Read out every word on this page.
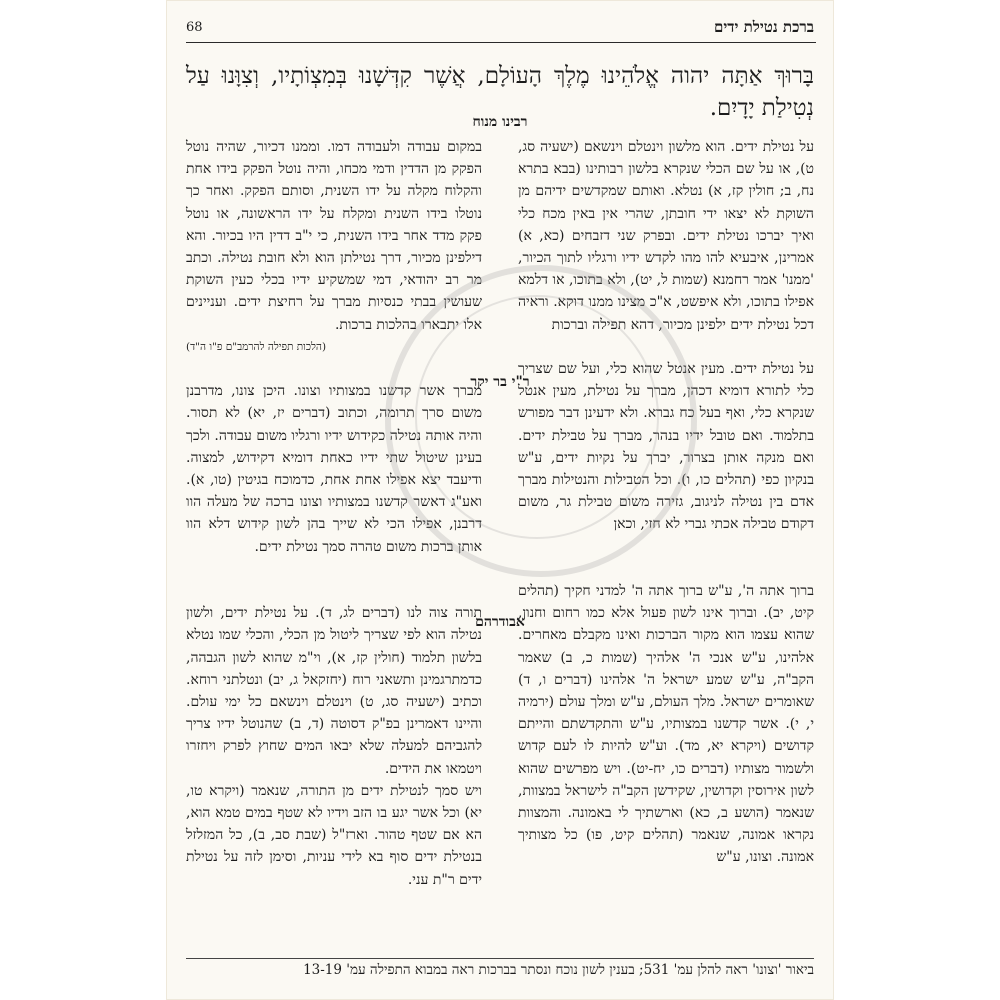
68	ברכת נטילת ידים
בָּרוּךְ אַתָּה יהוה אֱלֹהֵינוּ מֶלֶךְ הָעוֹלָם, אֲשֶׁר קִדְּשָׁנוּ בְּמִצְוֹתָיו, וְצִוָּנוּ עַל נְטִילַת יָדָיִם.
רבינו מנוח

על נטילת ידים. הוא מלשון וינטלם וינשאם (ישעיה סג, ט), או על שם הכלי שנקרא בלשון רבותינו (בבא בתרא נח, ב; חולין קז, א) נטלא. ואותם שמקדשים ידיהם מן השוקת לא יצאו ידי חובתן, שהרי אין באין מכח כלי ואיך יברכו נטילת ידים. ובפרק שני דזבחים (כא, א) אמרינן, איבעיא להו מהו לקדש ידיו ורגליו לתוך הכיור, 'ממנו' אמר רחמנא (שמות ל, יט), ולא בתוכו, או דלמא אפילו בתוכו, ולא איפשט, א"כ מצינו ממנו דוקא. וראיה דכל נטילת ידים ילפינן מכיור, דהא תפילה וברכות

על נטילת ידים. מעין אנטל שהוא כלי, ועל שם שצריך כלי לתורא דומיא דכהן, מברך על נטילת, מעין אנטל שנקרא כלי, ואף בעל כח גברא. ולא ידעינן דבר מפורש בתלמוד. ואם טובל ידיו בנהר, מברך על טבילת ידים. ואם מנקה אותן בצרור, יברך על נקיות ידים, ע"ש בנקיון כפי (תהלים כו, ו). וכל הטבילות והנטילות מברך אדם בין נטילה לניגוב, גזירה משום טבילת גר, משום דקודם טבילה אכתי גברי לא חזי, וכאן

ברוך אתה ה', ע"ש ברוך אתה ה' למדני חקיך (תהלים קיט, יב). וברוך אינו לשון פעול אלא כמו רחום וחנון, שהוא עצמו הוא מקור הברכות ואינו מקבלם מאחרים. אלהינו, ע"ש אנכי ה' אלהיך (שמות כ, ב) שאמר הקב"ה, ע"ש שמע ישראל ה' אלהינו (דברים ו, ד) שאומרים ישראל. מלך העולם, ע"ש ומלך עולם (ירמיה י, י). אשר קדשנו במצותיו, ע"ש והתקדשתם והייתם קדושים (ויקרא יא, מד). וע"ש להיות לו לעם קדוש ולשמור מצותיו (דברים כו, יח-יט). ויש מפרשים שהוא לשון אירוסין וקדושין, שקידשן הקב"ה לישראל במצוות, שנאמר (הושע ב, כא) וארשתיך לי באמונה. והמצוות נקראו אמונה, שנאמר (תהלים קיט, פו) כל מצותיך אמונה. וצונו, ע"ש

במקום עבודה ולעבודה דמו. וממנו דכיור, שהיה נוטל הפקק מן הדדין ודמי מכחו, והיה נוטל הפקק בידו אחת והקלוח מקלה על ידו השנית, וסותם הפקק. ואחר כך נוטלו בידו השנית ומקלח על ידו הראשונה, או נוטל פקק מדד אחר בידו השנית, כי י"ב דדין היו בכיור. והא דילפינן מכיור, דרך נטילתן הוא ולא חובת נטילה. וכתב מר רב יהודאי, דמי שמשקיע ידיו בכלי כעין השוקת שעושין בבתי כנסיות מברך על רחיצת ידים. ועניינים אלו יתבארו בהלכות ברכות.

(הלכות תפילה להרמב"ם פ"ו ה"ד)

מברך אשר קדשנו במצותיו וצונו. היכן צונו, מדרבנן משום סרך תרומה, וכתוב (דברים יז, יא) לא תסור. והיה אותה נטילה כקידוש ידיו ורגליו משום עבודה. ולכך בעינן שיטול שתי ידיו כאחת דומיא דקידוש, למצוה. ודיעבד יצא אפילו אחת אחת, כדמוכח בגיטין (טו, א). ואע"ג דאשר קדשנו במצותיו וצונו ברכה של מעלה הוו דרבנן, אפילו הכי לא שייך בהן לשון קידוש דלא הוו אותן ברכות משום טהרה סמך נטילת ידים.

תורה צוה לנו (דברים לג, ד). על נטילת ידים, ולשון נטילה הוא לפי שצריך ליטול מן הכלי, והכלי שמו נטלא בלשון תלמוד (חולין קז, א), וי"מ שהוא לשון הגבהה, כדמתרגמינן ותשאני רוח (יחזקאל ג, יב) ונטלתני רוחא. וכתיב (ישעיה סג, ט) וינטלם וינשאם כל ימי עולם. והיינו דאמרינן בפ"ק דסוטה (ד, ב) שהנוטל ידיו צריך להגביהם למעלה שלא יבאו המים שחוץ לפרק ויחזרו ויטמאו את הידים.

ויש סמך לנטילת ידים מן התורה, שנאמר (ויקרא טו, יא) וכל אשר יגע בו הזב וידיו לא שטף במים טמא הוא, הא אם שטף טהור. וארז"ל (שבת סב, ב), כל המזלזל בנטילת ידים סוף בא לידי עניות, וסימן לזה על נטילת ידים ר"ת עני.

ר"י בר יקר
אבודרהם
ביאור 'וצונו' ראה להלן עמ' 531; בענין לשון נוכח ונסתר בברכות ראה במבוא התפילה עמ' 13-19
